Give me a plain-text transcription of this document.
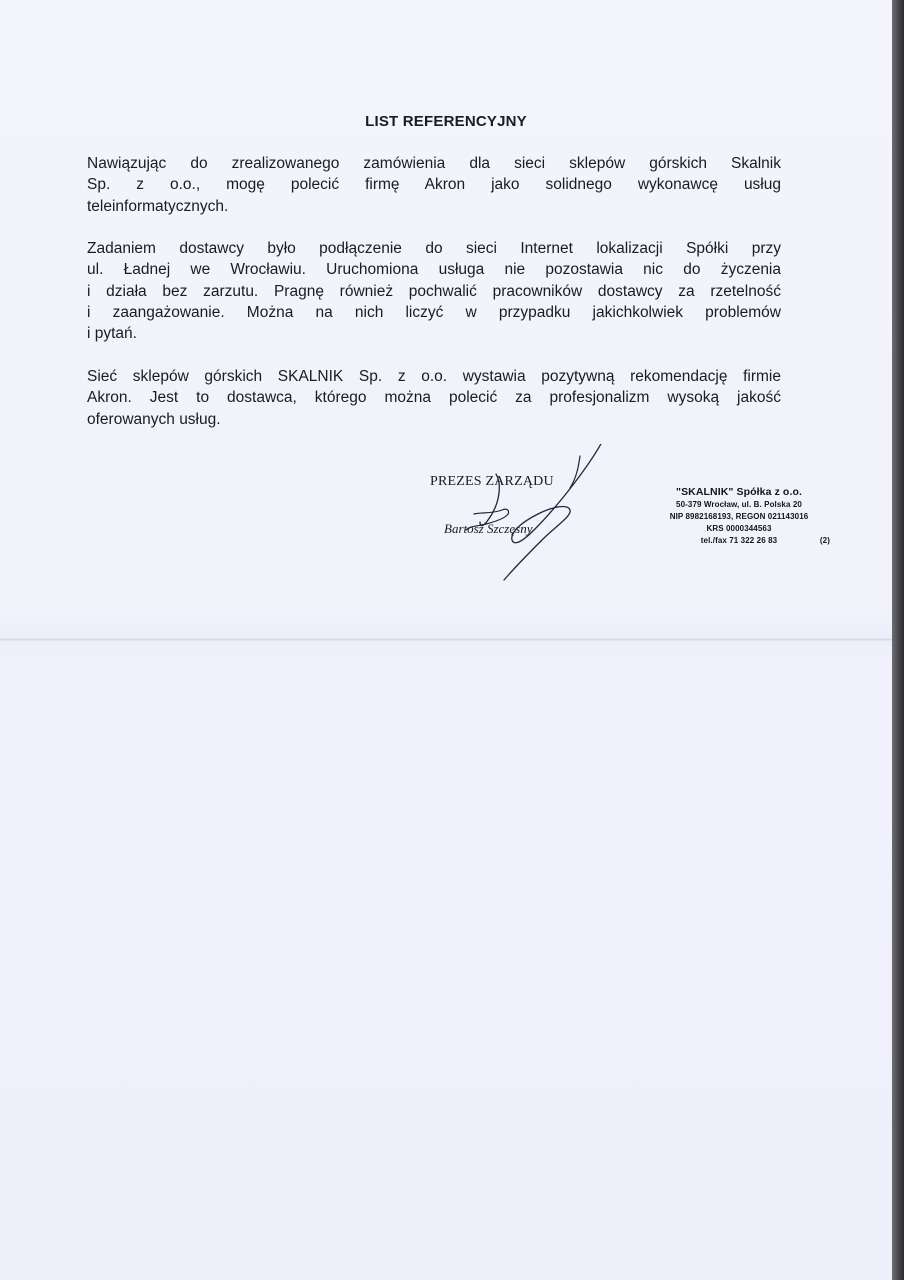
LIST REFERENCYJNY
Nawiązując do zrealizowanego zamówienia dla sieci sklepów górskich Skalnik
Sp. z o.o., mogę polecić firmę Akron jako solidnego wykonawcę usług
teleinformatycznych.
Zadaniem dostawcy było podłączenie do sieci Internet lokalizacji Spółki przy
ul. Ładnej we Wrocławiu. Uruchomiona usługa nie pozostawia nic do życzenia
i działa bez zarzutu. Pragnę również pochwalić pracowników dostawcy za rzetelność
i zaangażowanie. Można na nich liczyć w przypadku jakichkolwiek problemów
i pytań.
Sieć sklepów górskich SKALNIK Sp. z o.o. wystawia pozytywną rekomendację firmie
Akron. Jest to dostawca, którego można polecić za profesjonalizm wysoką jakość
oferowanych usług.
PREZES ZARZĄDU
Bartosz Szczęsny
"SKALNIK" Spółka z o.o.
50-379 Wrocław, ul. B. Polska 20
NIP 8982168193, REGON 021143016
KRS 0000344563
tel./fax 71 322 26 83	(2)
